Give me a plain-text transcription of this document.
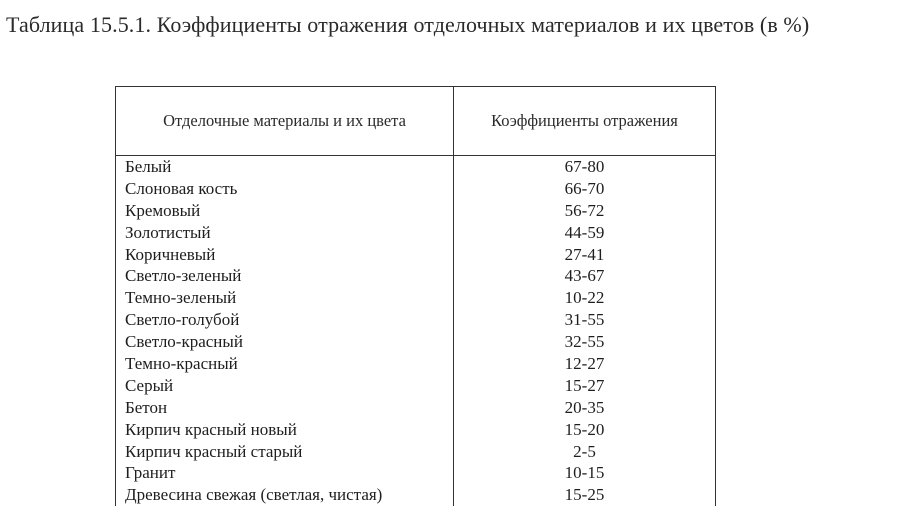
Таблица 15.5.1. Коэффициенты отражения отделочных материалов и их цветов (в %)
Отделочные материалы и их цвета	Коэффициенты отражения
Белый	67-80
Слоновая кость	66-70
Кремовый	56-72
Золотистый	44-59
Коричневый	27-41
Светло-зеленый	43-67
Темно-зеленый	10-22
Светло-голубой	31-55
Светло-красный	32-55
Темно-красный	12-27
Серый	15-27
Бетон	20-35
Кирпич красный новый	15-20
Кирпич красный старый	2-5
Гранит	10-15
Древесина свежая (светлая, чистая)	15-25
